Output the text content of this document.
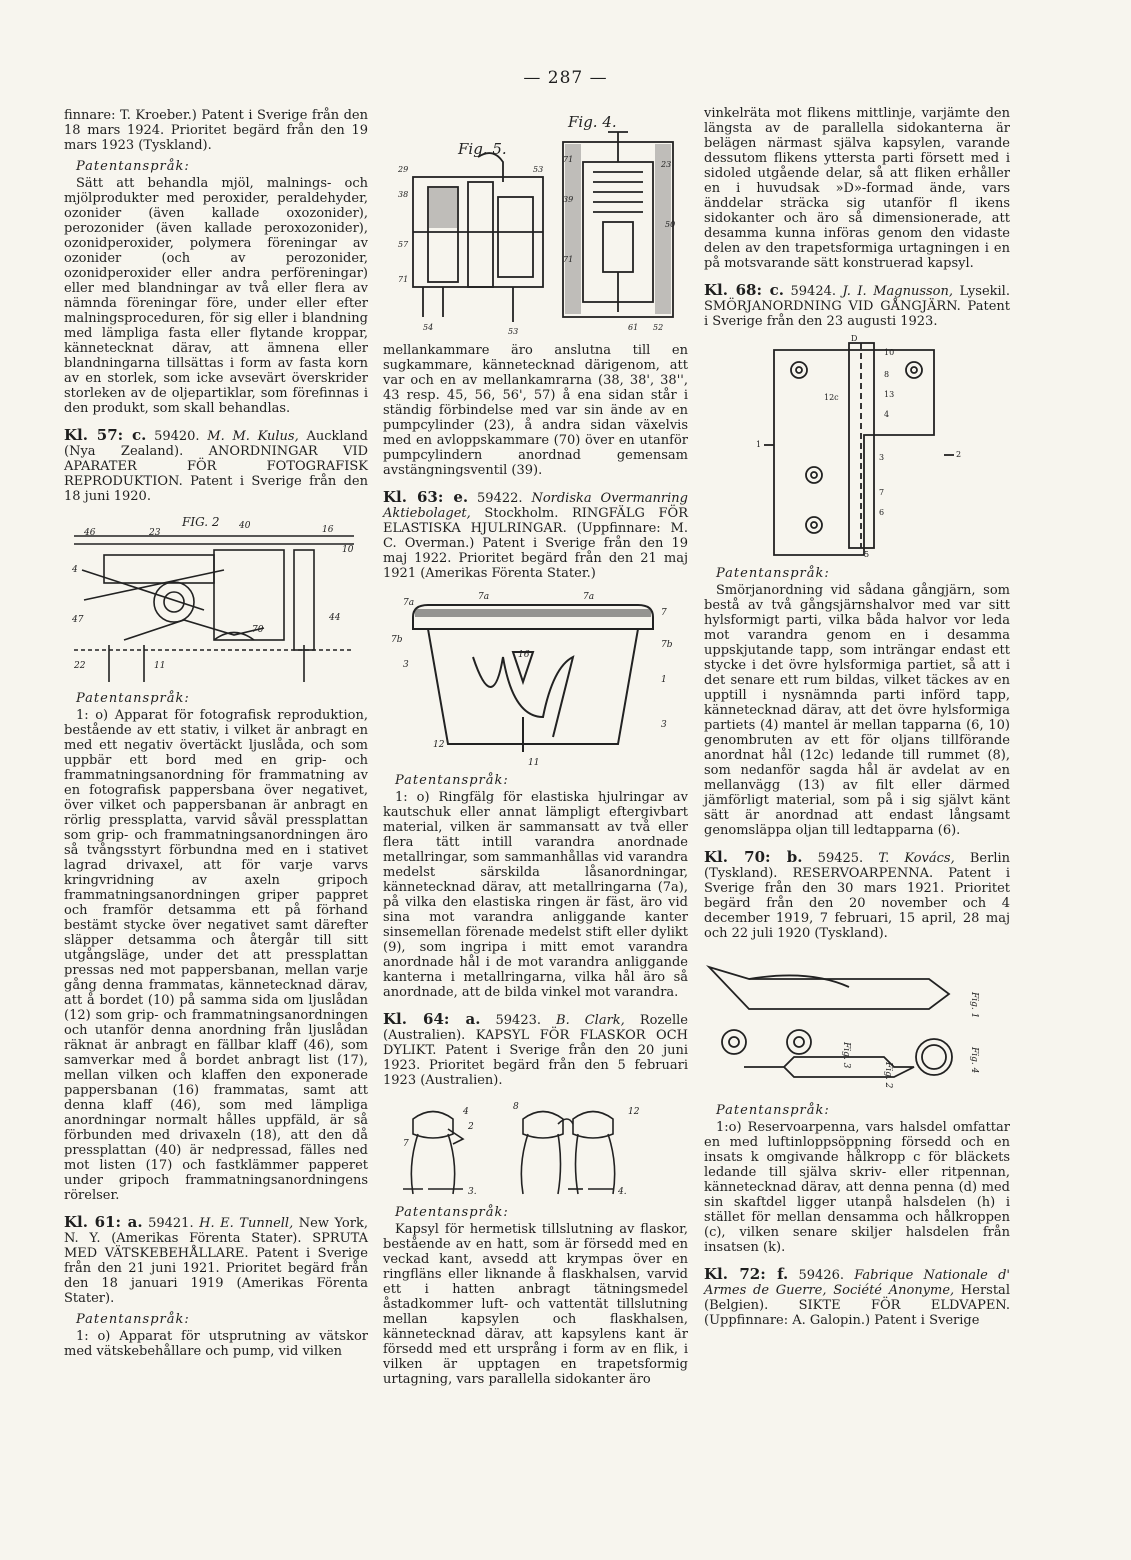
— 287 —

finnare: T. Kroeber.) Patent i Sverige från den 18 mars 1924. Prioritet begärd från den 19 mars 1923 (Tyskland).

Patentanspråk:

Sätt att behandla mjöl, malnings- och mjölprodukter med peroxider, peraldehyder, ozonider (även kallade oxozonider), perozonider (även kallade peroxozonider), ozonidperoxider, polymera föreningar av ozonider (och av perozonider, ozonidperoxider eller andra perföreningar) eller med blandningar av två eller flera av nämnda föreningar före, under eller efter malningsproceduren, för sig eller i blandning med lämpliga fasta eller flytande kroppar, kännetecknat därav, att ämnena eller blandningarna tillsättas i form av fasta korn av en storlek, som icke avsevärt överskrider storleken av de oljepartiklar, som förefinnas i den produkt, som skall behandlas.

Kl. 57: c. 59420. M. M. Kulus, Auckland (Nya Zealand). ANORDNINGAR VID APARATER FÖR FOTOGRAFISK REPRODUKTION. Patent i Sverige från den 18 juni 1920.
FIG. 2
46	23
40	16
10
4
47
22
70
44
11
Patentanspråk:

1: o) Apparat för fotografisk reproduktion, bestående av ett stativ, i vilket är anbragt en med ett negativ övertäckt ljuslåda, och som uppbär ett bord med en grip- och frammatningsanordning för frammatning av en fotografisk pappersbana över negativet, över vilket och pappersbanan är anbragt en rörlig pressplatta, varvid såväl pressplattan som grip- och frammatningsanordningen äro så tvångsstyrt förbundna med en i stativet lagrad drivaxel, att för varje varvs kringvridning av axeln gripoch frammatningsanordningen griper pappret och framför detsamma ett på förhand bestämt stycke över negativet samt därefter släpper detsamma och återgår till sitt utgångsläge, under det att pressplattan pressas ned mot pappersbanan, mellan varje gång denna frammatas, kännetecknad därav, att å bordet (10) på samma sida om ljuslådan (12) som grip- och frammatningsanordningen och utanför denna anordning från ljuslådan räknat är anbragt en fällbar klaff (46), som samverkar med å bordet anbragt list (17), mellan vilken och klaffen den exponerade pappersbanan (16) frammatas, samt att denna klaff (46), som med lämpliga anordningar normalt hålles uppfäld, är så förbunden med drivaxeln (18), att den då pressplattan (40) är nedpressad, fälles ned mot listen (17) och fastklämmer papperet under gripoch frammatningsanordningens rörelser.

Kl. 61: a. 59421. H. E. Tunnell, New York, N. Y. (Amerikas Förenta Stater). SPRUTA MED VÄTSKEBEHÅLLARE. Patent i Sverige från den 21 juni 1921. Prioritet begärd från den 18 januari 1919 (Amerikas Förenta Stater).
Patentanspråk:

1: o) Apparat för utsprutning av vätskor med vätskebehållare och pump, vid vilken

Fig. 5.
Fig. 4.
29
38
57
71
53
71
23
39
50
71
61 52
53
54

mellankammare äro anslutna till en sugkammare, kännetecknad därigenom, att var och en av mellankamrarna (38, 38', 38'', 43 resp. 45, 56, 56', 57) å ena sidan står i ständig förbindelse med var sin ände av en pumpcylinder (23), å andra sidan växelvis med en avloppskammare (70) över en utanför pumpcylindern anordnad gemensam avstängningsventil (39).

Kl. 63: e. 59422. Nordiska Overmanring Aktiebolaget, Stockholm. RINGFÄLG FÖR ELASTISKA HJULRINGAR. (Uppfinnare: M. C. Overman.) Patent i Sverige från den 19 maj 1922. Prioritet begärd från den 21 maj 1921 (Amerikas Förenta Stater.)
7a
7a	7a
7
7b	7b
3
1
3
12
11
16
Patentanspråk:

1: o) Ringfälg för elastiska hjulringar av kautschuk eller annat lämpligt eftergivbart material, vilken är sammansatt av två eller flera tätt intill varandra anordnade metallringar, som sammanhållas vid varandra medelst särskilda låsanordningar, kännetecknad därav, att metallringarna (7a), på vilka den elastiska ringen är fäst, äro vid sina mot varandra anliggande kanter sinsemellan förenade medelst stift eller dylikt (9), som ingripa i mitt emot varandra anordnade hål i de mot varandra anliggande kanterna i metallringarna, vilka hål äro så anordnade, att de bilda vinkel mot varandra.

Kl. 64: a. 59423. B. Clark, Rozelle (Australien). KAPSYL FÖR FLASKOR OCH DYLIKT. Patent i Sverige från den 20 juni 1923. Prioritet begärd från den 5 februari 1923 (Australien).
3.	4.
4
2
7
8	12
Patentanspråk:

Kapsyl för hermetisk tillslutning av flaskor, bestående av en hatt, som är försedd med en veckad kant, avsedd att krympas över en ringfläns eller liknande å flaskhalsen, varvid ett i hatten anbragt tätningsmedel åstadkommer luft- och vattentät tillslutning mellan kapsylen och flaskhalsen, kännetecknad därav, att kapsylens kant är försedd med ett ursprång i form av en flik, i vilken är upptagen en trapetsformig urtagning, vars parallella sidokanter äro

vinkelräta mot flikens mittlinje, varjämte den längsta av de parallella sidokanterna är belägen närmast själva kapsylen, varande dessutom flikens yttersta parti försett med i sidoled utgående delar, så att fliken erhåller en i huvudsak »D»-formad ände, vars änddelar sträcka sig utanför fl ikens sidokanter och äro så dimensionerade, att desamma kunna införas genom den vidaste delen av den trapetsformiga urtagningen i en på motsvarande sätt konstruerad kapsyl.

Kl. 68: c. 59424. J. I. Magnusson, Lysekil. SMÖRJANORDNING VID GÅNGJÄRN. Patent i Sverige från den 23 augusti 1923.
D
10
8
12c	13
4
1
2
3
7
6
5
Patentanspråk:

Smörjanordning vid sådana gångjärn, som bestå av två gångsjärnshalvor med var sitt hylsformigt parti, vilka båda halvor vor leda mot varandra genom en i desamma uppskjutande tapp, som inträngar endast ett stycke i det övre hylsformiga partiet, så att i det senare ett rum bildas, vilket täckes av en upptill i nysnämnda parti införd tapp, kännetecknad därav, att det övre hylsformiga partiets (4) mantel är mellan tapparna (6, 10) genombruten av ett för oljans tillförande anordnat hål (12c) ledande till rummet (8), som nedanför sagda hål är avdelat av en mellanvägg (13) av filt eller därmed jämförligt material, som på i sig självt känt sätt är anordnad att endast långsamt genomsläppa oljan till ledtapparna (6).

Kl. 70: b. 59425. T. Kovács, Berlin (Tyskland). RESERVOARPENNA. Patent i Sverige från den 30 mars 1921. Prioritet begärd från den 20 november och 4 december 1919, 7 februari, 15 april, 28 maj och 22 juli 1920 (Tyskland).
Fig. 1
Fig. 3
Fig. 2
Fig. 4
Patentanspråk:

1:o) Reservoarpenna, vars halsdel omfattar en med luftinloppsöppning försedd och en insats k omgivande hålkropp c för bläckets ledande till själva skriv- eller ritpennan, kännetecknad därav, att denna penna (d) med sin skaftdel ligger utanpå halsdelen (h) i stället för mellan densamma och hålkroppen (c), vilken senare skiljer halsdelen från insatsen (k).

Kl. 72: f. 59426. Fabrique Nationale d' Armes de Guerre, Société Anonyme, Herstal (Belgien). SIKTE FÖR ELDVAPEN. (Uppfinnare: A. Galopin.) Patent i Sverige
